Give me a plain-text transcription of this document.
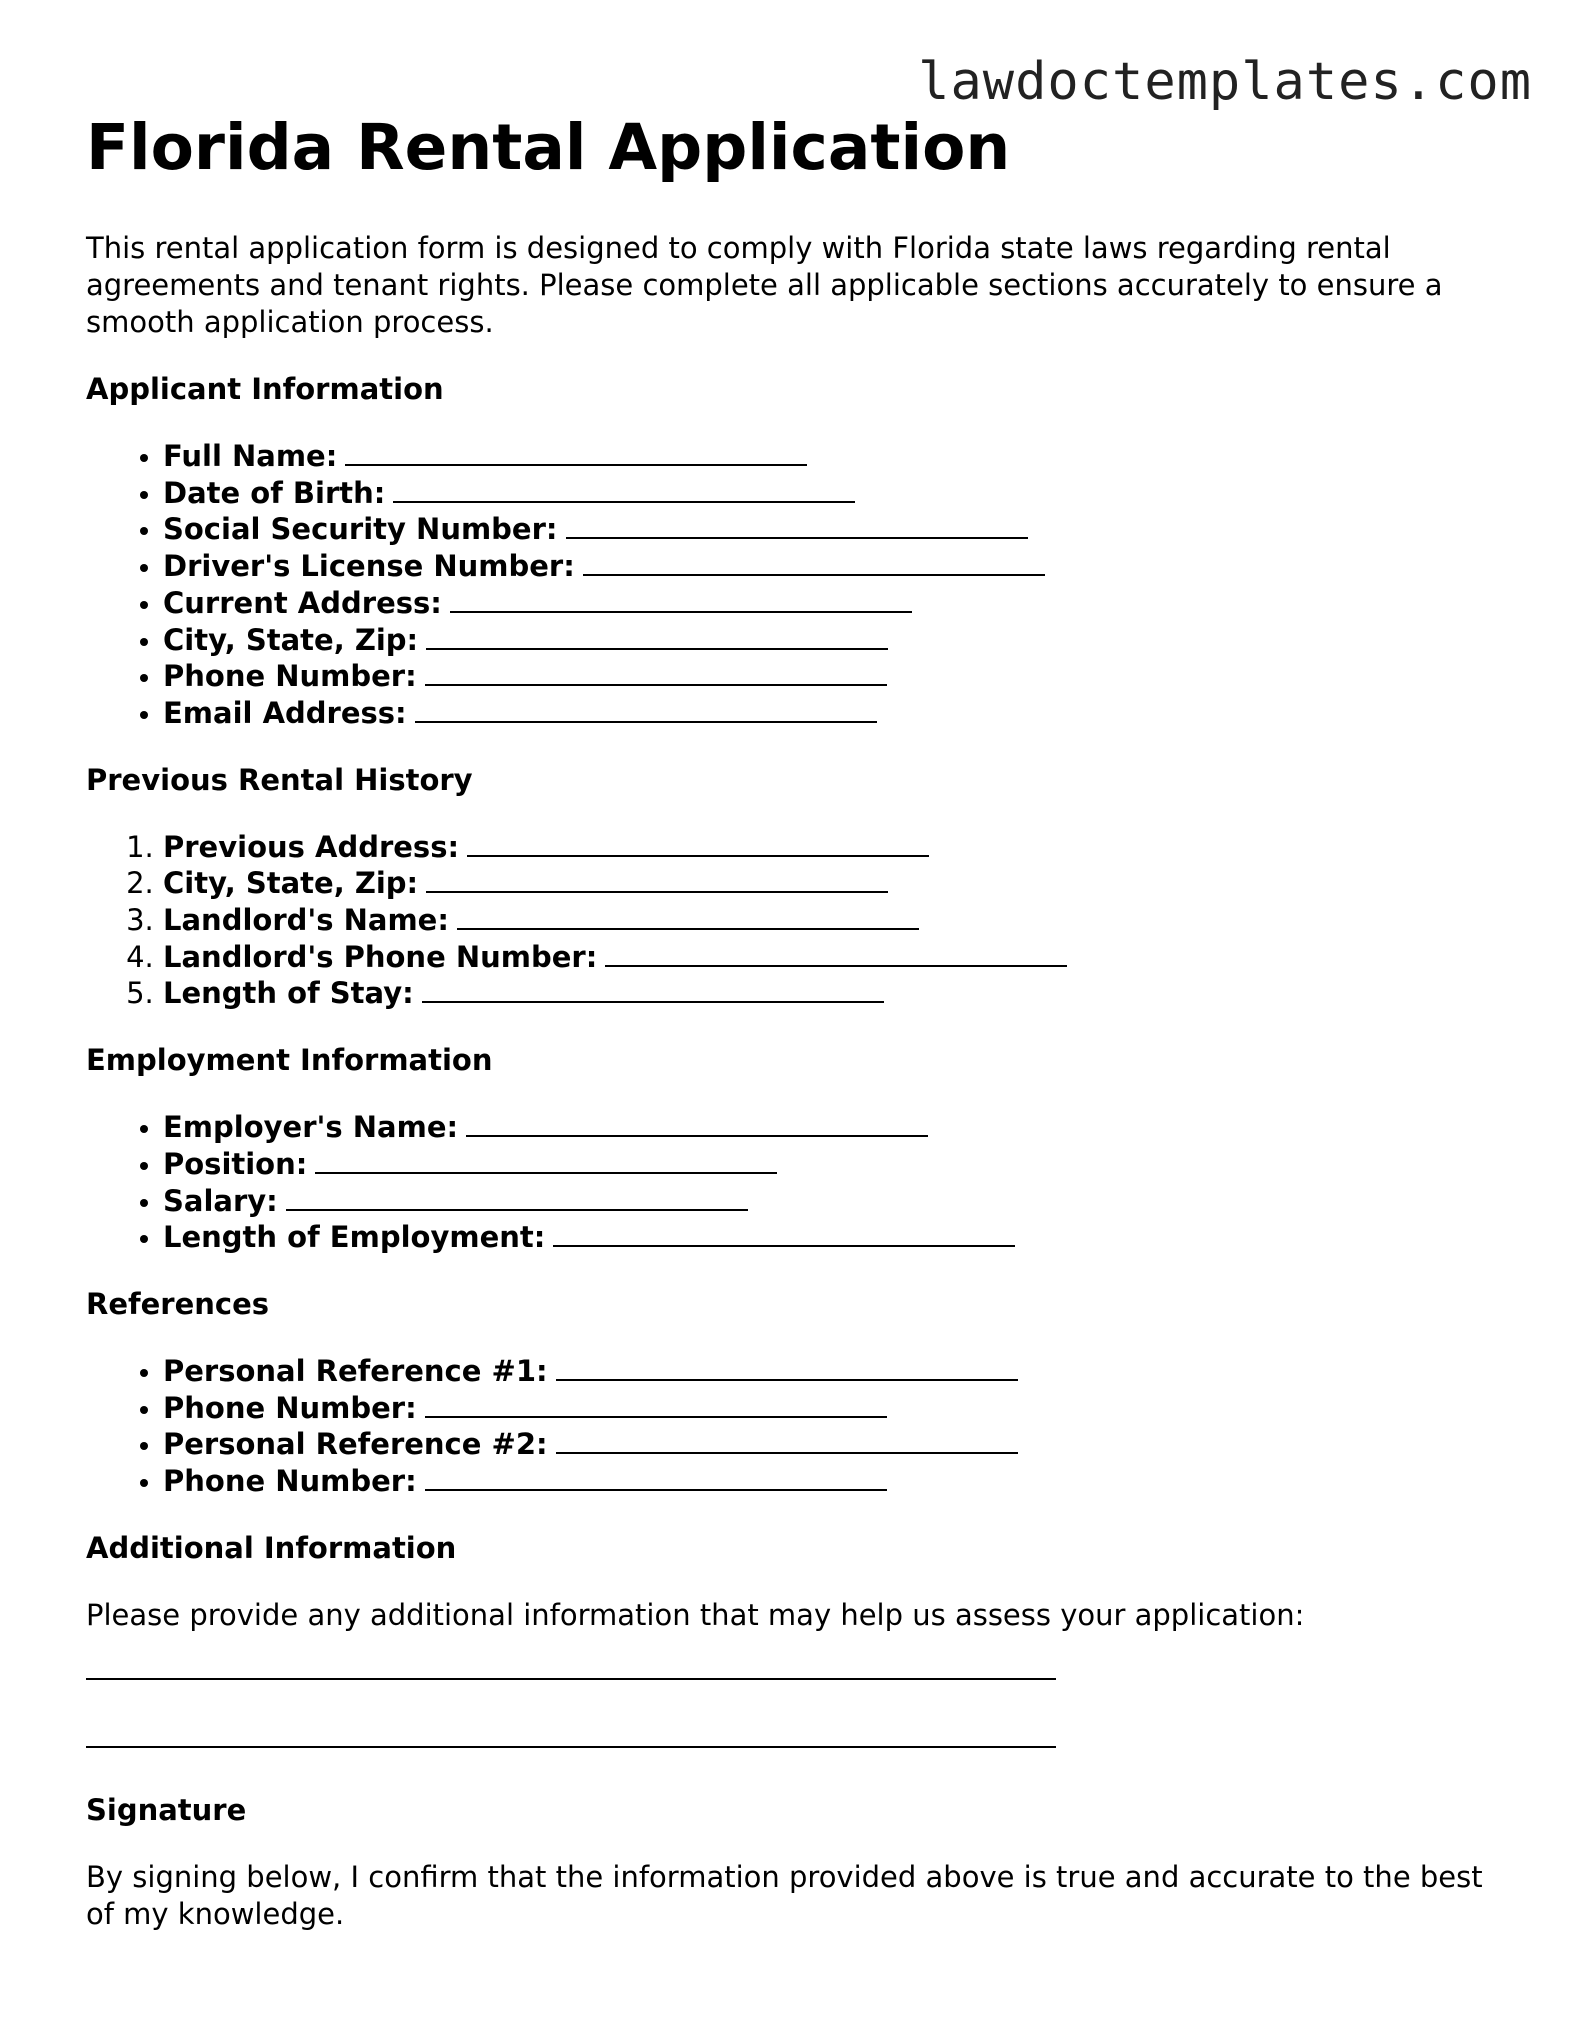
lawdoctemplates.com
Florida Rental Application

This rental application form is designed to comply with Florida state laws regarding rental agreements and tenant rights. Please complete all applicable sections accurately to ensure a smooth application process.

Applicant Information
• Full Name:
• Date of Birth:
• Social Security Number:
• Driver's License Number:
• Current Address:
• City, State, Zip:
• Phone Number:
• Email Address:
Previous Rental History
1. Previous Address:
2. City, State, Zip:
3. Landlord's Name:
4. Landlord's Phone Number:
5. Length of Stay:
Employment Information
• Employer's Name:
• Position:
• Salary:
• Length of Employment:
References
• Personal Reference #1:
• Phone Number:
• Personal Reference #2:
• Phone Number:
Additional Information

Please provide any additional information that may help us assess your application:

Signature

By signing below, I confirm that the information provided above is true and accurate to the best of my knowledge.
